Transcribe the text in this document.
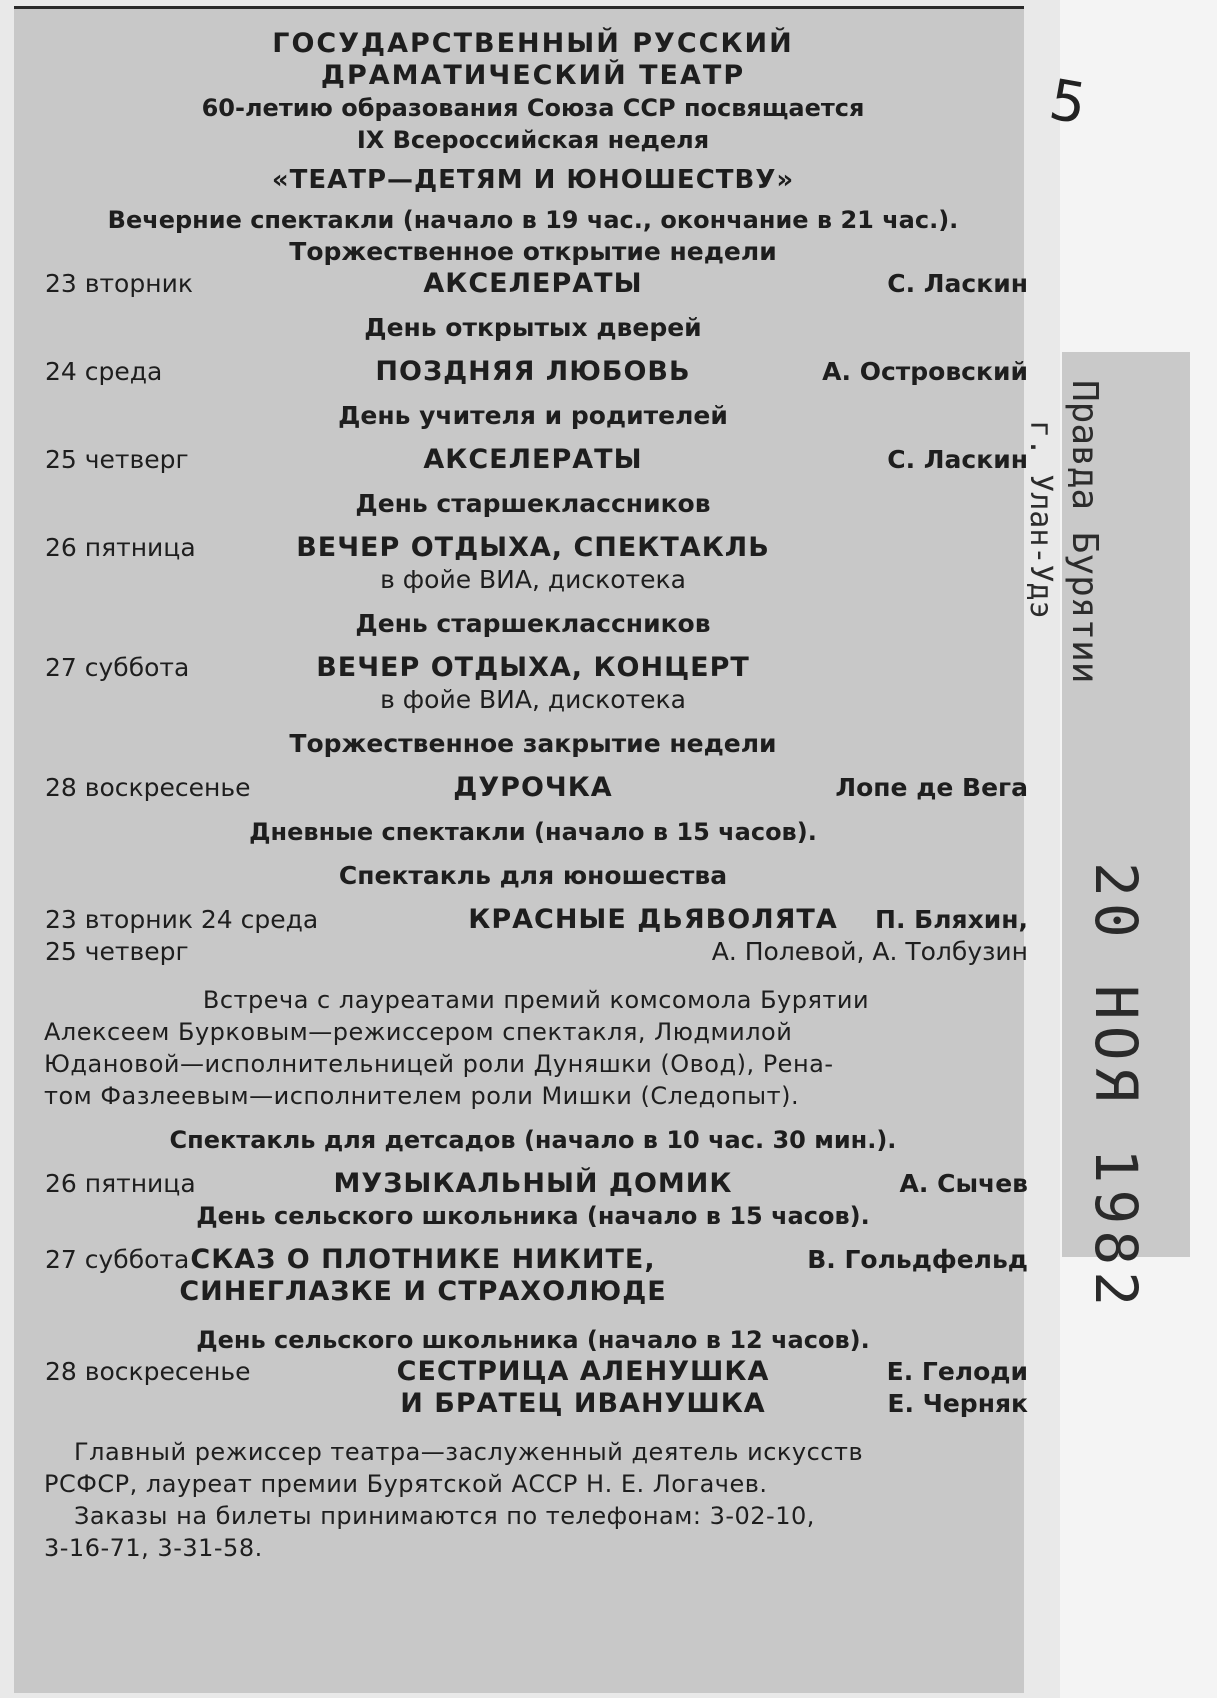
Правда Бурятии
г. Улан-Удэ
20 НОЯ 1982
5
ГОСУДАРСТВЕННЫЙ РУССКИЙ
ДРАМАТИЧЕСКИЙ ТЕАТР
60-летию образования Союза ССР посвящается
IX Всероссийская неделя
«ТЕАТР—ДЕТЯМ И ЮНОШЕСТВУ»
Вечерние спектакли (начало в 19 час., окончание в 21 час.).
Торжественное открытие недели
23 вторник	АКСЕЛЕРАТЫ	С. Ласкин
День открытых дверей
24 среда	ПОЗДНЯЯ ЛЮБОВЬ	А. Островский
День учителя и родителей
25 четверг	АКСЕЛЕРАТЫ	С. Ласкин
День старшеклассников
26 пятница	ВЕЧЕР ОТДЫХА, СПЕКТАКЛЬ
в фойе ВИА, дискотека
День старшеклассников
27 суббота	ВЕЧЕР ОТДЫХА, КОНЦЕРТ
в фойе ВИА, дискотека
Торжественное закрытие недели
28 воскресенье	ДУРОЧКА	Лопе де Вега
Дневные спектакли (начало в 15 часов).
Спектакль для юношества
23 вторник 24 среда	КРАСНЫЕ ДЬЯВОЛЯТА	П. Бляхин,
25 четверг	А. Полевой, А. Толбузин
Встреча с лауреатами премий комсомола Бурятии
Алексеем Бурковым—режиссером спектакля, Людмилой
Юдановой—исполнительницей роли Дуняшки (Овод), Рена-
том Фазлеевым—исполнителем роли Мишки (Следопыт).
Спектакль для детсадов (начало в 10 час. 30 мин.).
26 пятница	МУЗЫКАЛЬНЫЙ ДОМИК	А. Сычев
День сельского школьника (начало в 15 часов).
27 суббота СКАЗ О ПЛОТНИКЕ НИКИТЕ,	В. Гольдфельд
СИНЕГЛАЗКЕ И СТРАХОЛЮДЕ
День сельского школьника (начало в 12 часов).
28 воскресенье	СЕСТРИЦА АЛЕНУШКА	Е. Гелоди
И БРАТЕЦ ИВАНУШКА	Е. Черняк
Главный режиссер театра—заслуженный деятель искусств
РСФСР, лауреат премии Бурятской АССР Н. Е. Логачев.
Заказы на билеты принимаются по телефонам: 3-02-10,
3-16-71, 3-31-58.
